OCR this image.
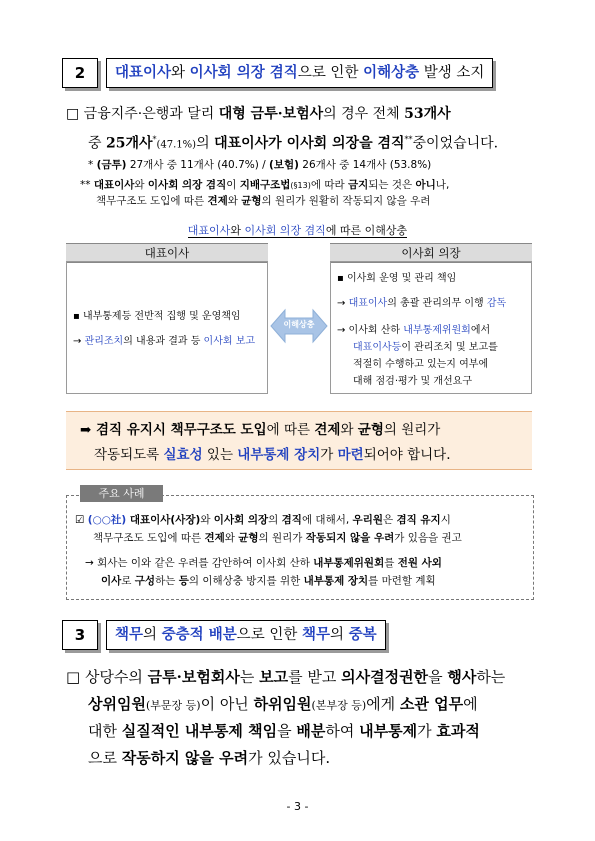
2	대표이사와 이사회 의장 겸직으로 인한 이해상충 발생 소지
□ 금융지주·은행과 달리 대형 금투·보험사의 경우 전체 53개사
중 25개사*(47.1%)의 대표이사가 이사회 의장을 겸직**중이었습니다.
* (금투) 27개사 중 11개사 (40.7%) / (보험) 26개사 중 14개사 (53.8%)
** 대표이사와 이사회 의장 겸직이 지배구조법(§13)에 따라 금지되는 것은 아니나,
책무구조도 도입에 따른 견제와 균형의 원리가 원활히 작동되지 않을 우려
대표이사와 이사회 의장 겸직에 따른 이해상충
대표이사	이사회 의장
▪ 내부통제등 전반적 집행 및 운영책임
→ 관리조치의 내용과 결과 등 이사회 보고
이해상충
▪ 이사회 운영 및 관리 책임
→ 대표이사의 총괄 관리의무 이행 감독
→ 이사회 산하 내부통제위원회에서
대표이사등이 관리조치 및 보고를
적절히 수행하고 있는지 여부에
대해 점검·평가 및 개선요구
➡ 겸직 유지시 책무구조도 도입에 따른 견제와 균형의 원리가
작동되도록 실효성 있는 내부통제 장치가 마련되어야 합니다.
☑ (○○社) 대표이사(사장)와 이사회 의장의 겸직에 대해서, 우리원은 겸직 유지시
책무구조도 도입에 따른 견제와 균형의 원리가 작동되지 않을 우려가 있음을 권고
→ 회사는 이와 같은 우려를 감안하여 이사회 산하 내부통제위원회를 전원 사외
이사로 구성하는 등의 이해상충 방지를 위한 내부통제 장치를 마련할 계획
주요 사례
3	책무의 중층적 배분으로 인한 책무의 중복
□ 상당수의 금투·보험회사는 보고를 받고 의사결정권한을 행사하는
상위임원(부문장 등)이 아닌 하위임원(본부장 등)에게 소관 업무에
대한 실질적인 내부통제 책임을 배분하여 내부통제가 효과적
으로 작동하지 않을 우려가 있습니다.
- 3 -
